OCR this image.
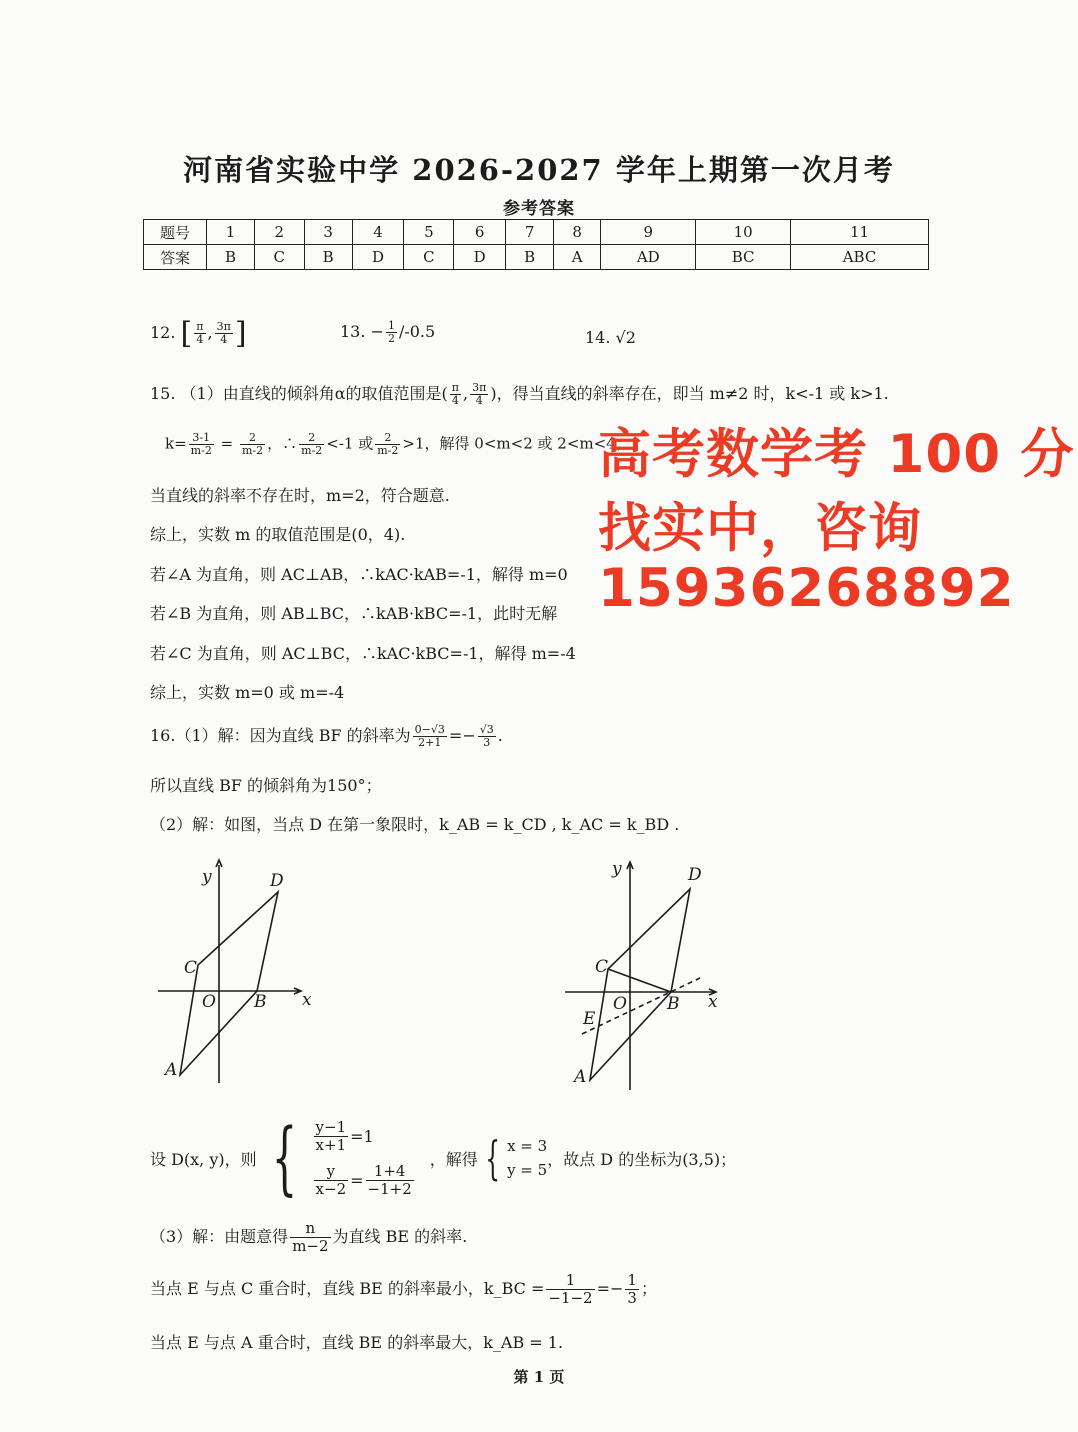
河南省实验中学 2026-2027 学年上期第一次月考
参考答案
题号	1	2	3	4	5	6	7	8	9	10	11
答案	B	C	B	D	C	D	B	A	AD	BC	ABC
12. [ $\frac{\pi}{4}$ , $\frac{3\pi}{4}$ ]	13. − $\frac{1}{2} /-0.5$	14. √2
15. （1）由直线的倾斜角α的取值范围是( $\frac{\pi}{4}$ , $\frac{3\pi}{4}$ )，得当直线的斜率存在，即当 m≠2 时，k<-1 或 k>1.
$k= \frac{3-1}{m-2} = \frac{2}{m-2}$ ，∴ $\frac{2}{m-2} <-1$ 或 $\frac{2}{m-2} >1$，解得 0<m<2 或 2<m<4；
当直线的斜率不存在时，m=2，符合题意.
综上，实数 m 的取值范围是(0，4).
若∠A 为直角，则 AC⊥AB，∴kAC·kAB=-1，解得 m=0
若∠B 为直角，则 AB⊥BC，∴kAB·kBC=-1，此时无解
若∠C 为直角，则 AC⊥BC，∴kAC·kBC=-1，解得 m=-4
综上，实数 m=0 或 m=-4
16.（1）解：因为直线 BF 的斜率为 $\frac{0-√3}{2+1} =- \frac{√3}{3}$ .
所以直线 BF 的倾斜角为150°；
（2）解：如图，当点 D 在第一象限时，k_AB = k_CD , k_AC = k_BD .
y
x
D
C
O B
A
y
x
D
C
O B
E
A
设 D(x, y)，则 { $\frac{y-1}{x+1} =1$
$\frac{y}{x-2} = \frac{1+4}{-1+2}$
，解得 { x = 3
y = 5
，故点 D 的坐标为(3,5)；
（3）解：由题意得 $\frac{n}{m-2}$ 为直线 BE 的斜率.
当点 E 与点 C 重合时，直线 BE 的斜率最小，k_BC = $\frac{1}{-1-2} =- \frac{1}{3}$ ；
当点 E 与点 A 重合时，直线 BE 的斜率最大，k_AB = 1.
第 1 页
高考数学考 100 分
找实中，咨询
15936268892
